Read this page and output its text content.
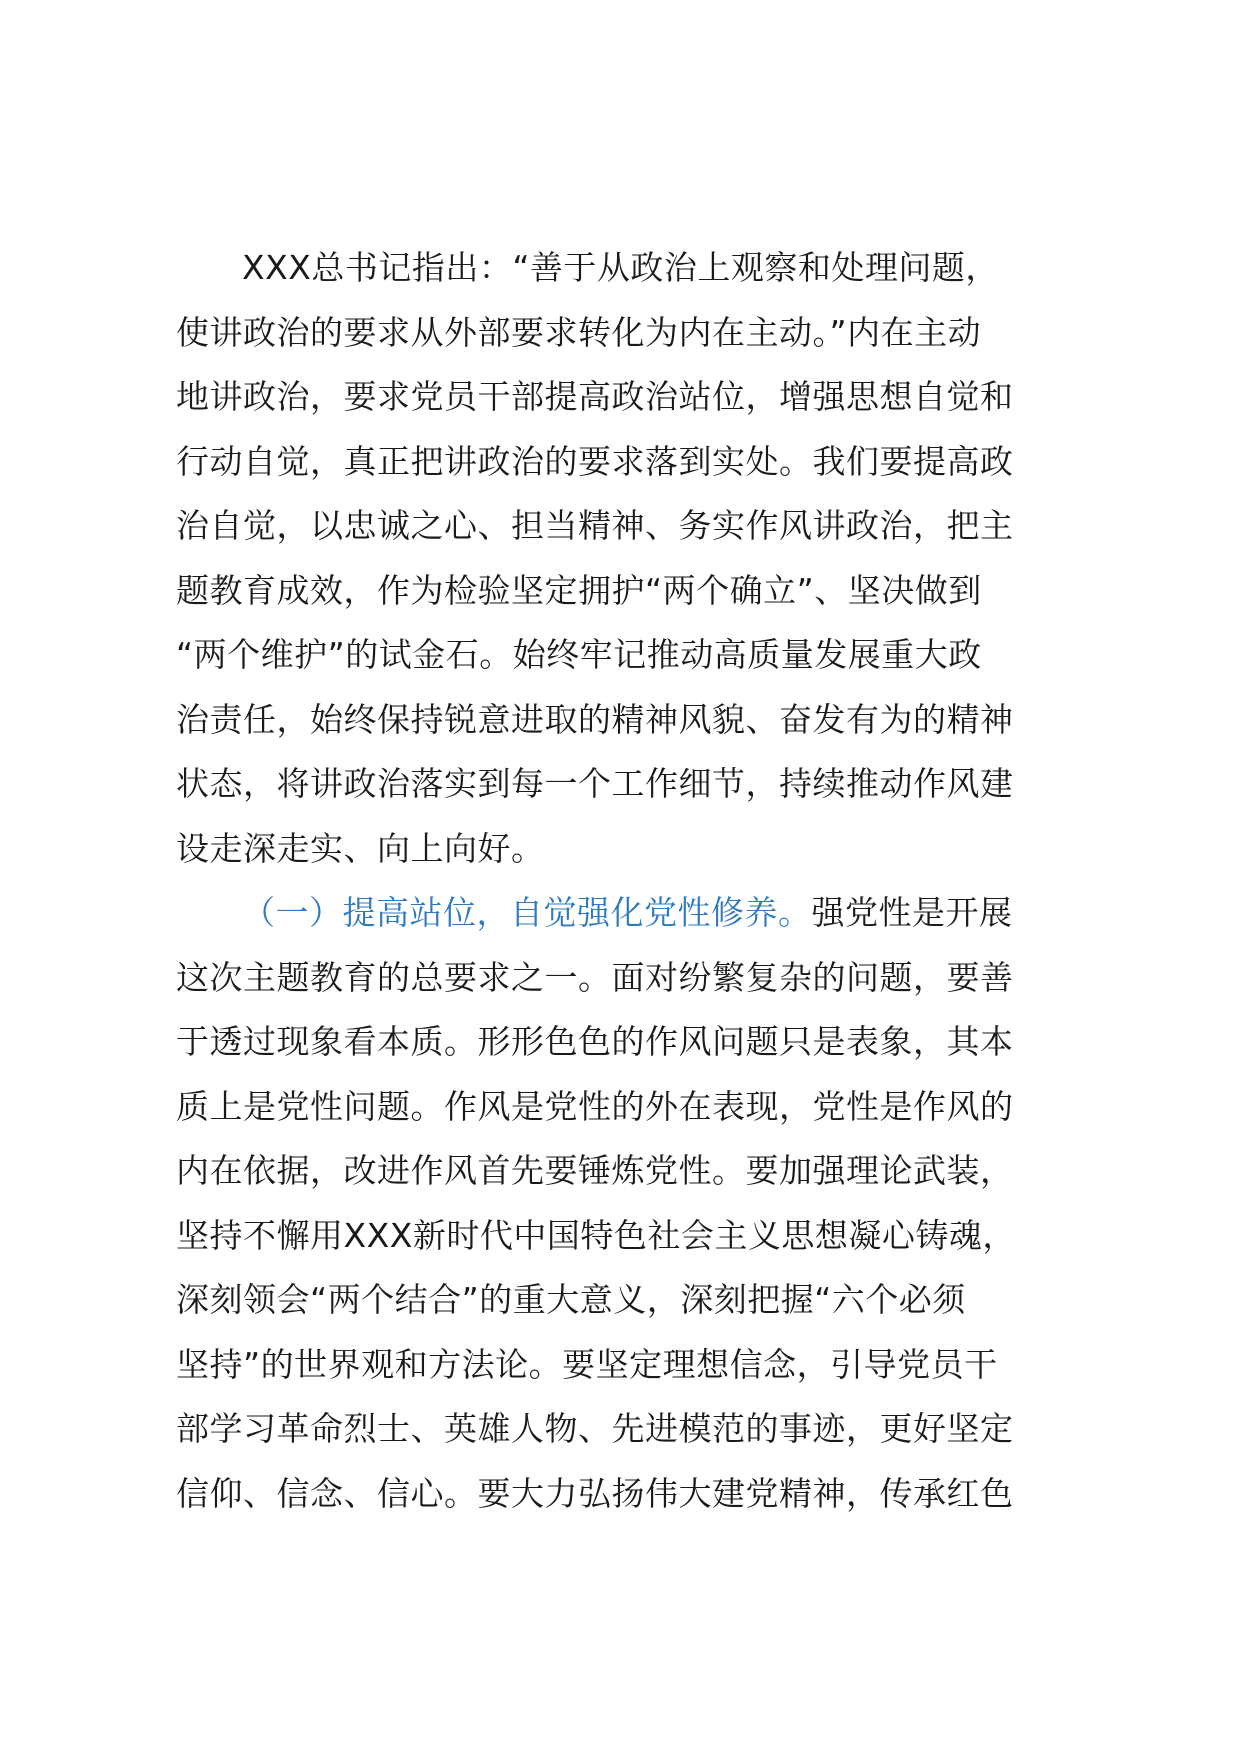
XXX总书记指出：“善于从政治上观察和处理问题，
使讲政治的要求从外部要求转化为内在主动。”内在主动
地讲政治，要求党员干部提高政治站位，增强思想自觉和
行动自觉，真正把讲政治的要求落到实处。我们要提高政
治自觉，以忠诚之心、担当精神、务实作风讲政治，把主
题教育成效，作为检验坚定拥护“两个确立”、坚决做到
“两个维护”的试金石。始终牢记推动高质量发展重大政
治责任，始终保持锐意进取的精神风貌、奋发有为的精神
状态，将讲政治落实到每一个工作细节，持续推动作风建
设走深走实、向上向好。
（一）提高站位，自觉强化党性修养。强党性是开展
这次主题教育的总要求之一。面对纷繁复杂的问题，要善
于透过现象看本质。形形色色的作风问题只是表象，其本
质上是党性问题。作风是党性的外在表现，党性是作风的
内在依据，改进作风首先要锤炼党性。要加强理论武装，
坚持不懈用XXX新时代中国特色社会主义思想凝心铸魂，
深刻领会“两个结合”的重大意义，深刻把握“六个必须
坚持”的世界观和方法论。要坚定理想信念，引导党员干
部学习革命烈士、英雄人物、先进模范的事迹，更好坚定
信仰、信念、信心。要大力弘扬伟大建党精神，传承红色
